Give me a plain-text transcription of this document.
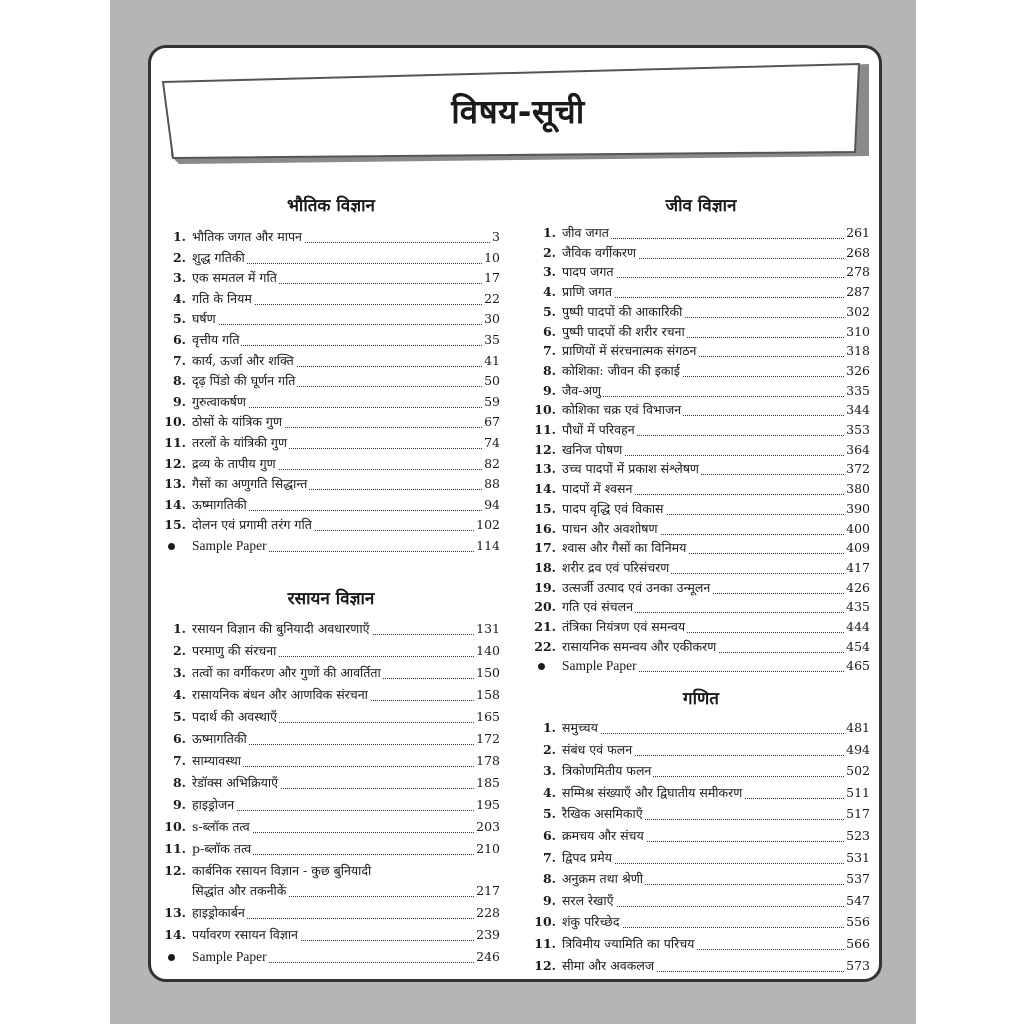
विषय-सूची
भौतिक विज्ञान
1. भौतिक जगत और मापन	3
2. शुद्ध गतिकी	10
3. एक समतल में गति	17
4. गति के नियम	22
5. घर्षण	30
6. वृत्तीय गति	35
7. कार्य, ऊर्जा और शक्ति	41
8. दृढ़ पिंडो की घूर्णन गति	50
9. गुरुत्वाकर्षण	59
10. ठोसों के यांत्रिक गुण	67
11. तरलों के यांत्रिकी गुण	74
12. द्रव्य के तापीय गुण	82
13. गैसों का अणुगति सिद्धान्त	88
14. ऊष्मागतिकी	94
15. दोलन एवं प्रगामी तरंग गति	102
Sample Paper	114
रसायन विज्ञान
1. रसायन विज्ञान की बुनियादी अवधारणाएँ	131
2. परमाणु की संरचना	140
3. तत्वों का वर्गीकरण और गुणों की आवर्तिता	150
4. रासायनिक बंधन और आणविक संरचना	158
5. पदार्थ की अवस्थाएँ	165
6. ऊष्मागतिकी	172
7. साम्यावस्था	178
8. रेडॉक्स अभिक्रियाएँ	185
9. हाइड्रोजन	195
10. s-ब्लॉक तत्व	203
11. p-ब्लॉक तत्व	210
12. कार्बनिक रसायन विज्ञान - कुछ बुनियादी
सिद्धांत और तकनीकें	217
13. हाइड्रोकार्बन	228
14. पर्यावरण रसायन विज्ञान	239
Sample Paper	246
जीव विज्ञान
1. जीव जगत	261
2. जैविक वर्गीकरण	268
3. पादप जगत	278
4. प्राणि जगत	287
5. पुष्पी पादपों की आकारिकी	302
6. पुष्पी पादपों की शरीर रचना	310
7. प्राणियों में संरचनात्मक संगठन	318
8. कोशिका: जीवन की इकाई	326
9. जैव-अणु	335
10. कोशिका चक्र एवं विभाजन	344
11. पौधों में परिवहन	353
12. खनिज पोषण	364
13. उच्च पादपों में प्रकाश संश्लेषण	372
14. पादपों में श्वसन	380
15. पादप वृद्धि एवं विकास	390
16. पाचन और अवशोषण	400
17. श्वास और गैसों का विनिमय	409
18. शरीर द्रव एवं परिसंचरण	417
19. उत्सर्जी उत्पाद एवं उनका उन्मूलन	426
20. गति एवं संचलन	435
21. तंत्रिका नियंत्रण एवं समन्वय	444
22. रासायनिक समन्वय और एकीकरण	454
Sample Paper	465
गणित
1. समुच्चय	481
2. संबंध एवं फलन	494
3. त्रिकोणमितीय फलन	502
4. सम्मिश्र संख्याएँ और द्विघातीय समीकरण	511
5. रैखिक असमिकाएँ	517
6. क्रमचय और संचय	523
7. द्विपद प्रमेय	531
8. अनुक्रम तथा श्रेणी	537
9. सरल रेखाएँ	547
10. शंकु परिच्छेद	556
11. त्रिविमीय ज्यामिति का परिचय	566
12. सीमा और अवकलज	573
